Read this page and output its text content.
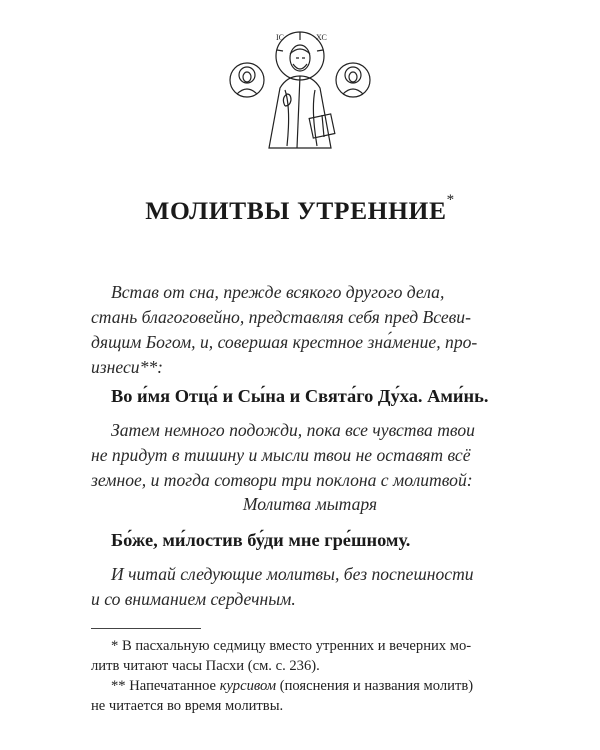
IC	ХС
МОЛИТВЫ УТРЕННИЕ*
Встав от сна, прежде всякого другого дела,
стань благоговейно, представляя себя пред Всеви-
дящим Богом, и, совершая крестное зна́мение, про-
изнеси**:
Во и́мя Отца́ и Сы́на и Свята́го Ду́ха. Ами́нь.
Затем немного подожди, пока все чувства твои
не придут в тишину и мысли твои не оставят всё
земное, и тогда сотвори три поклона с молитвой:
Молитва мытаря
Бо́же, ми́лостив бу́ди мне гре́шному.
И читай следующие молитвы, без поспешности
и со вниманием сердечным.
* В пасхальную седмицу вместо утренних и вечерних мо-
литв читают часы Пасхи (см. с. 236).
** Напечатанное курсивом (пояснения и названия молитв)
не читается во время молитвы.
